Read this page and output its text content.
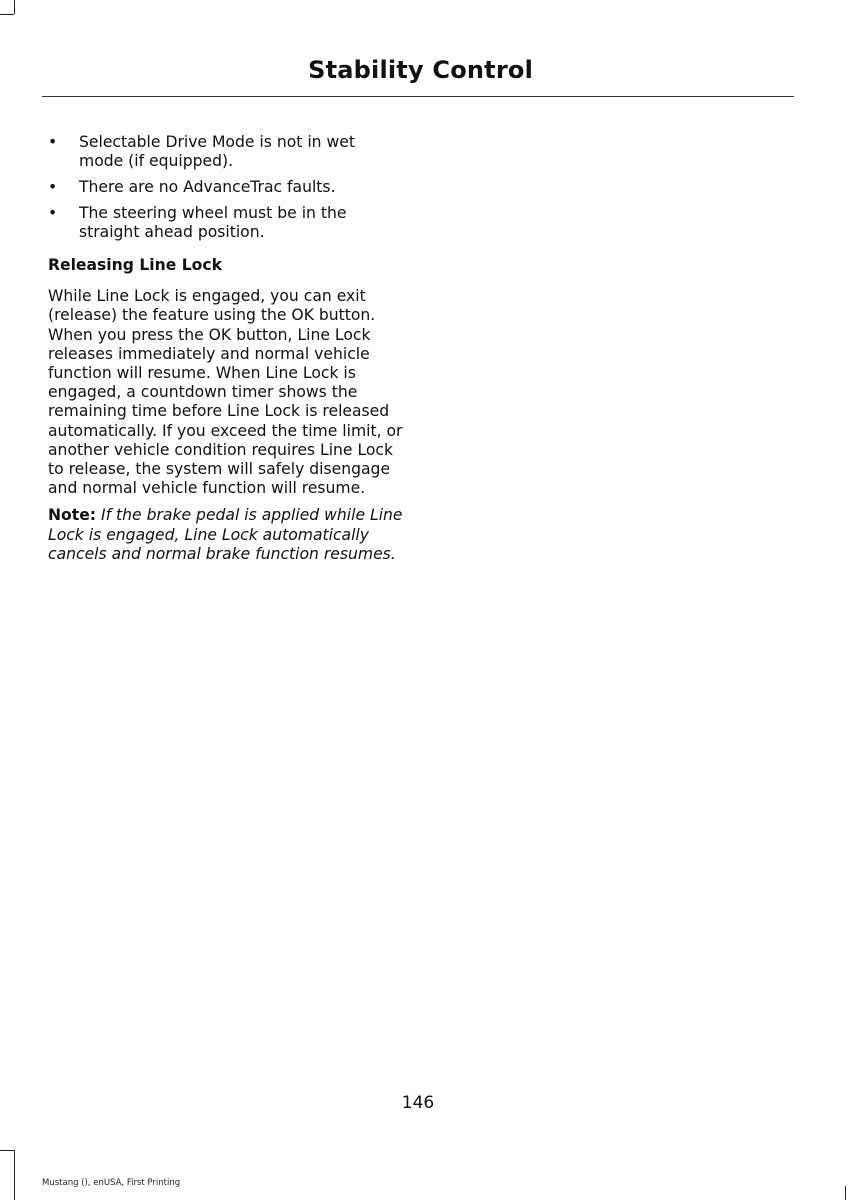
Stability Control
• Selectable Drive Mode is not in wet mode (if equipped).
• There are no AdvanceTrac faults.
• The steering wheel must be in the straight ahead position.
Releasing Line Lock

While Line Lock is engaged, you can exit (release) the feature using the OK button. When you press the OK button, Line Lock releases immediately and normal vehicle function will resume. When Line Lock is engaged, a countdown timer shows the remaining time before Line Lock is released automatically. If you exceed the time limit, or another vehicle condition requires Line Lock to release, the system will safely disengage and normal vehicle function will resume.

Note: If the brake pedal is applied while Line Lock is engaged, Line Lock automatically cancels and normal brake function resumes.

146
Mustang (), enUSA, First Printing
